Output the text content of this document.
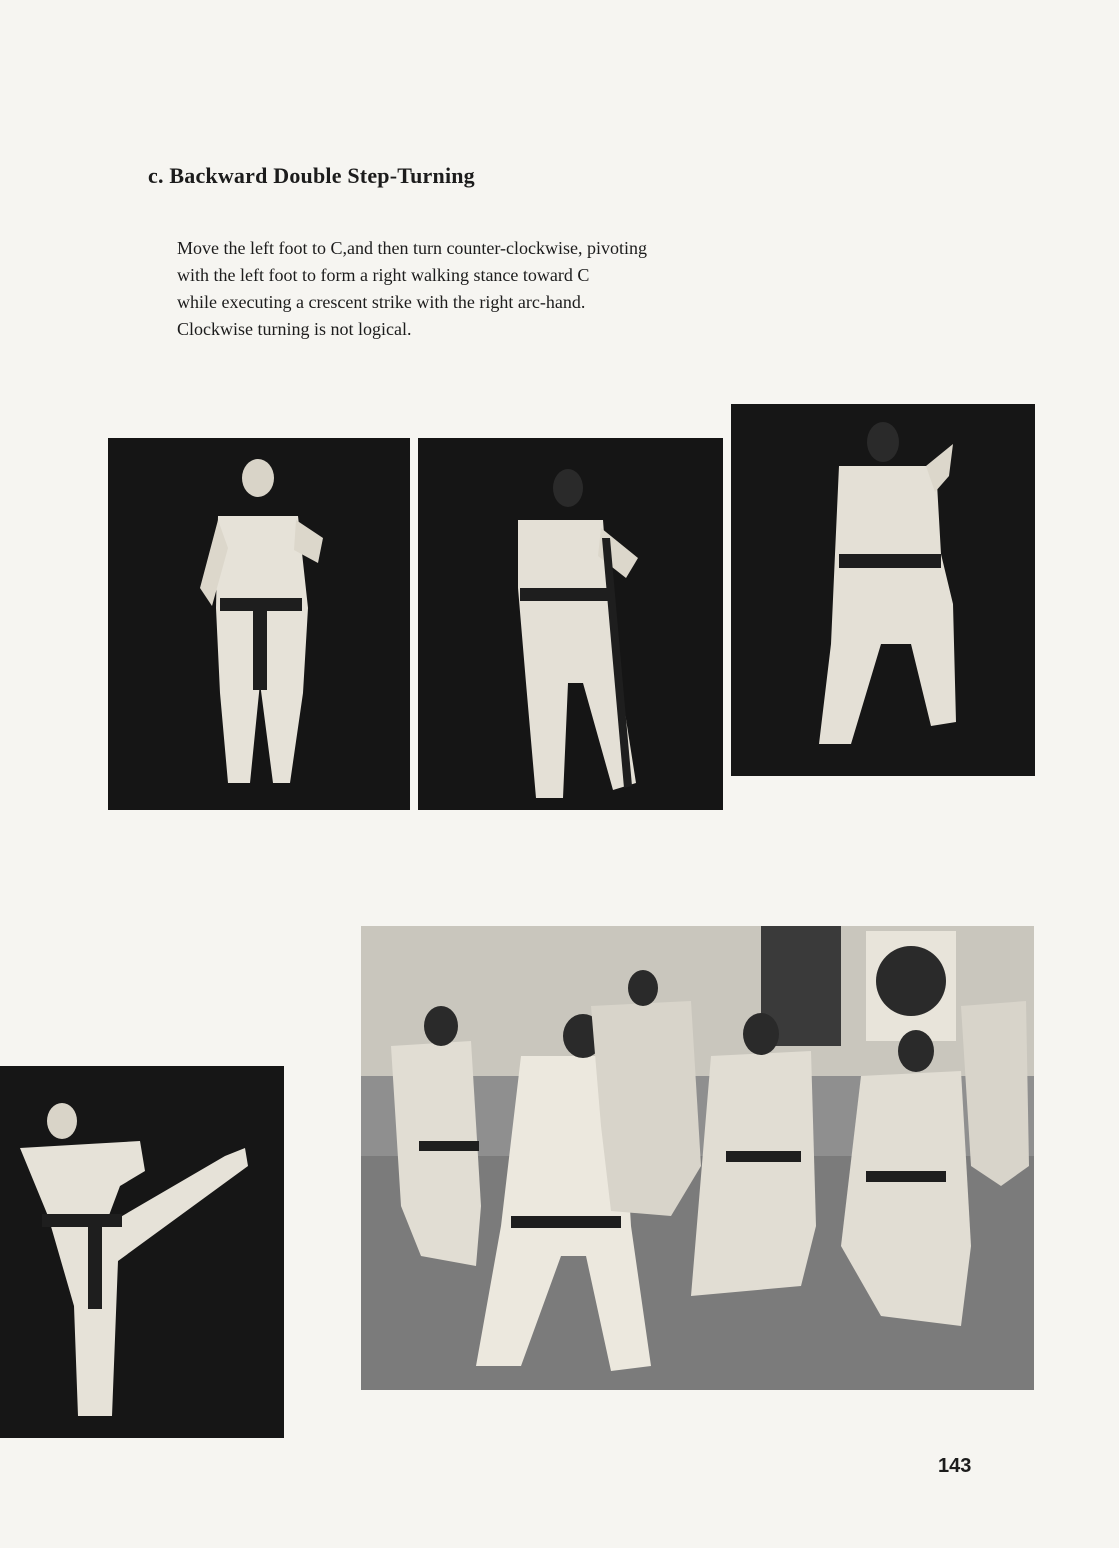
c. Backward Double Step-Turning
Move the left foot to C,and then turn counter-clockwise, pivoting
with the left foot to form a right walking stance toward C
while executing a crescent strike with the right arc-hand.
Clockwise turning is not logical.
143
